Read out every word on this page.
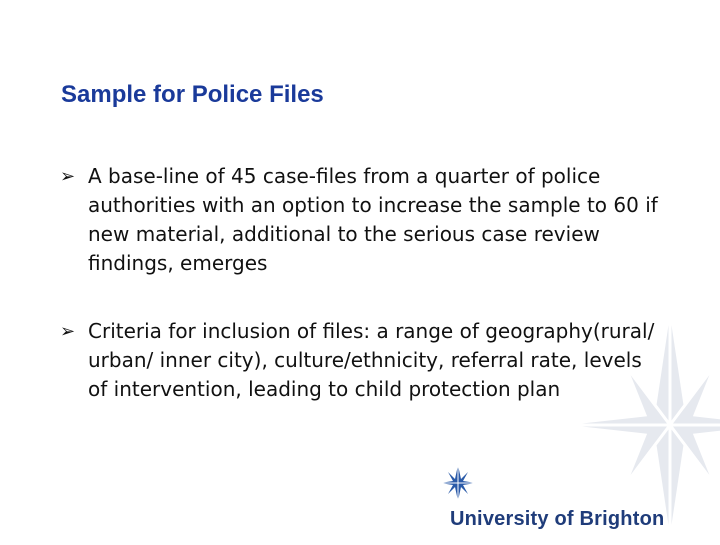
Sample for Police Files
➢ A base-line of 45 case-files from a quarter of police authorities with an option to increase the sample to 60 if new material, additional to the serious case review findings, emerges
➢ Criteria for inclusion of files: a range of geography(rural/ urban/ inner city), culture/ethnicity, referral rate, levels of intervention, leading to child protection plan
University of Brighton
